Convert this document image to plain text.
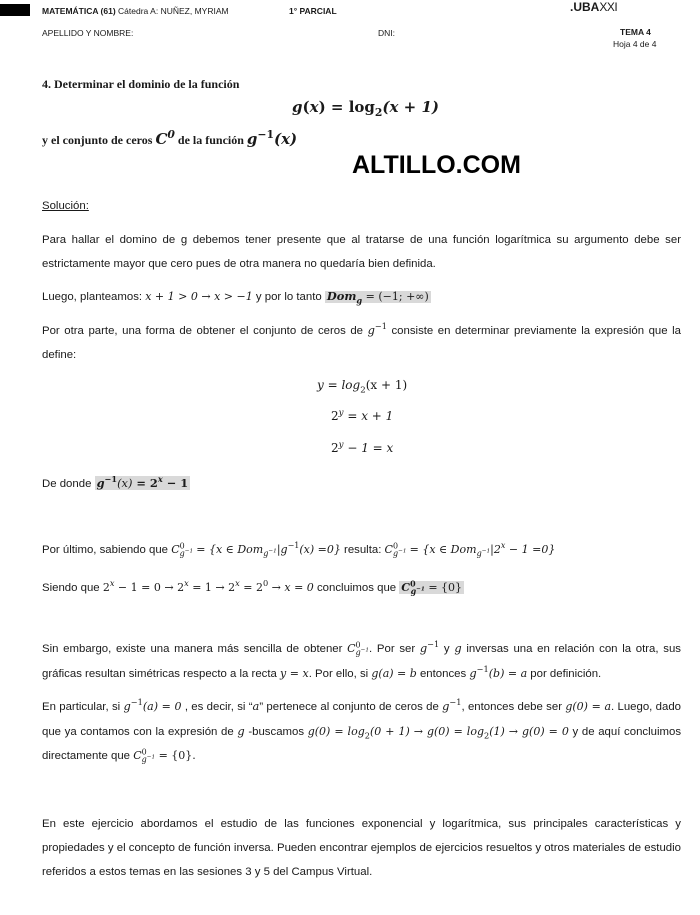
MATEMÁTICA (61) Cátedra A: NUÑEZ, MYRIAM	1° PARCIAL	.UBAXXI
APELLIDO Y NOMBRE:	DNI:	TEMA 4
Hoja 4 de 4
4. Determinar el dominio de la función
$g(x) = \log_2(x + 1)$
y el conjunto de ceros $C^0$ de la función $g^{-1}(x)$
ALTILLO.COM
Solución:
Para hallar el domino de g debemos tener presente que al tratarse de una función logarítmica su argumento debe ser estrictamente mayor que cero pues de otra manera no quedaría bien definida.
Luego, planteamos: x + 1 > 0 → x > −1 y por lo tanto Dom$_g$ = (−1; +∞)
Por otra parte, una forma de obtener el conjunto de ceros de $g^{-1}$ consiste en determinar previamente la expresión que la define:
$y = \log_2(x + 1)$
$2^y = x + 1$
$2^y - 1 = x$
De donde $g^{-1}(x) = 2^x - 1$
Por último, sabiendo que $C^0_{g^{-1}} = \{x$ ∈ $Dom_{g^{-1}}|g^{-1}(x) =0$} resulta: $C^0_{g^{-1}} = \{x$ ∈ $Dom_{g^{-1}}|2^x - 1 =0$}
Siendo que $2^x - 1 = 0 \to 2^x = 1 \to 2^x = 2^0 \to x = 0$ concluimos que $C^0_{g^{-1}} = \{0\}$
Sin embargo, existe una manera más sencilla de obtener $C^0_{g^{-1}}$. Por ser $g^{-1}$ y g inversas una en relación con la otra, sus gráficas resultan simétricas respecto a la recta y = x. Por ello, si g(a) = b entonces $g^{-1}(b) = a$ por definición.
En particular, si $g^{-1}(a) = 0$ , es decir, si “a” pertenece al conjunto de ceros de $g^{-1}$, entonces debe ser g(0) = a. Luego, dado que ya contamos con la expresión de g -buscamos $g(0) = \log_2(0 + 1) \to g(0) = \log_2(1) \to g(0) = 0$ y de aquí concluimos directamente que $C^0_{g^{-1}} = \{0\}$.
En este ejercicio abordamos el estudio de las funciones exponencial y logarítmica, sus principales características y propiedades y el concepto de función inversa. Pueden encontrar ejemplos de ejercicios resueltos y otros materiales de estudio referidos a estos temas en las sesiones 3 y 5 del Campus Virtual.
